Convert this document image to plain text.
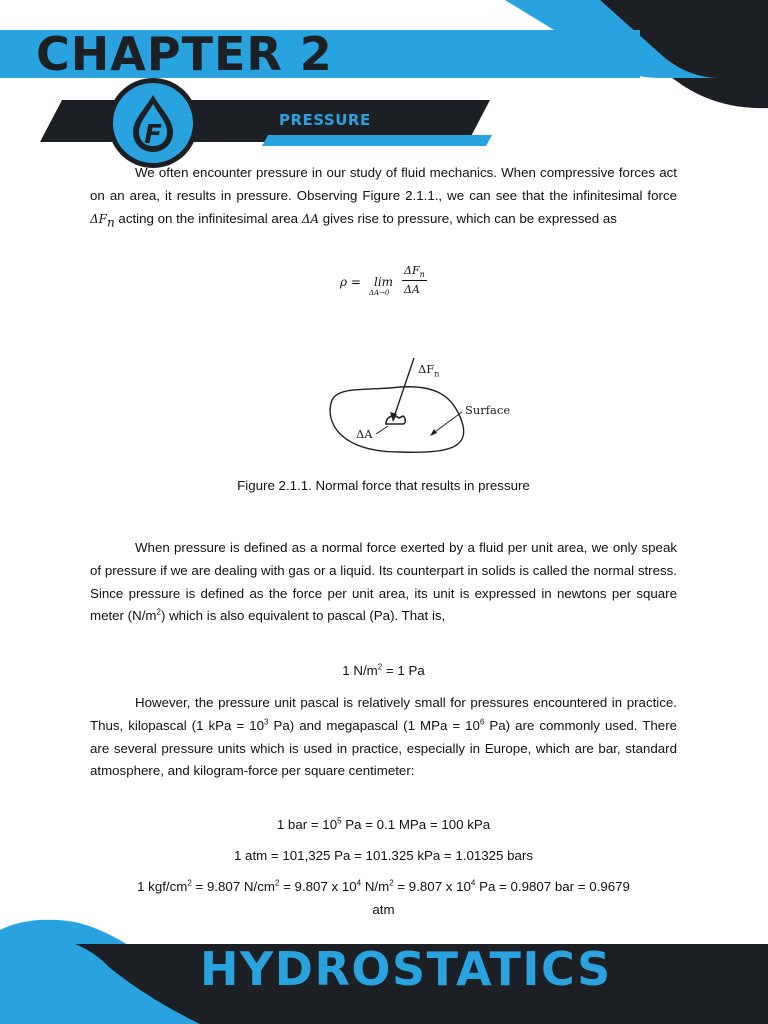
F
CHAPTER 2
PRESSURE
We often encounter pressure in our study of fluid mechanics. When compressive forces act on an area, it results in pressure. Observing Figure 2.1.1., we can see that the infinitesimal force $\Delta F_n$ acting on the infinitesimal area ΔA gives rise to pressure, which can be expressed as
ρ = lim
ΔA→0
$\Delta F_n$
ΔA
$\Delta F_n$
Surface
ΔA
Figure 2.1.1. Normal force that results in pressure
When pressure is defined as a normal force exerted by a fluid per unit area, we only speak of pressure if we are dealing with gas or a liquid. Its counterpart in solids is called the normal stress. Since pressure is defined as the force per unit area, its unit is expressed in newtons per square meter $(N/m^2)$ which is also equivalent to pascal (Pa). That is,
1 $N/m^2 = 1$ Pa
However, the pressure unit pascal is relatively small for pressures encountered in practice. Thus, kilopascal (1 kPa = $10^3$ Pa) and megapascal (1 MPa = $10^6$ Pa) are commonly used. There are several pressure units which is used in practice, especially in Europe, which are bar, standard atmosphere, and kilogram-force per square centimeter:
1 bar = $10^5$ Pa = 0.1 MPa = 100 kPa
1 atm = 101,325 Pa = 101.325 kPa = 1.01325 bars
1 kgf/$cm^2 = 9.807$ $N/cm^2 = 9.807$ x $10^4$ $N/m^2 = 9.807$ x $10^4$ Pa = 0.9807 bar = 0.9679
atm
HYDROSTATICS
